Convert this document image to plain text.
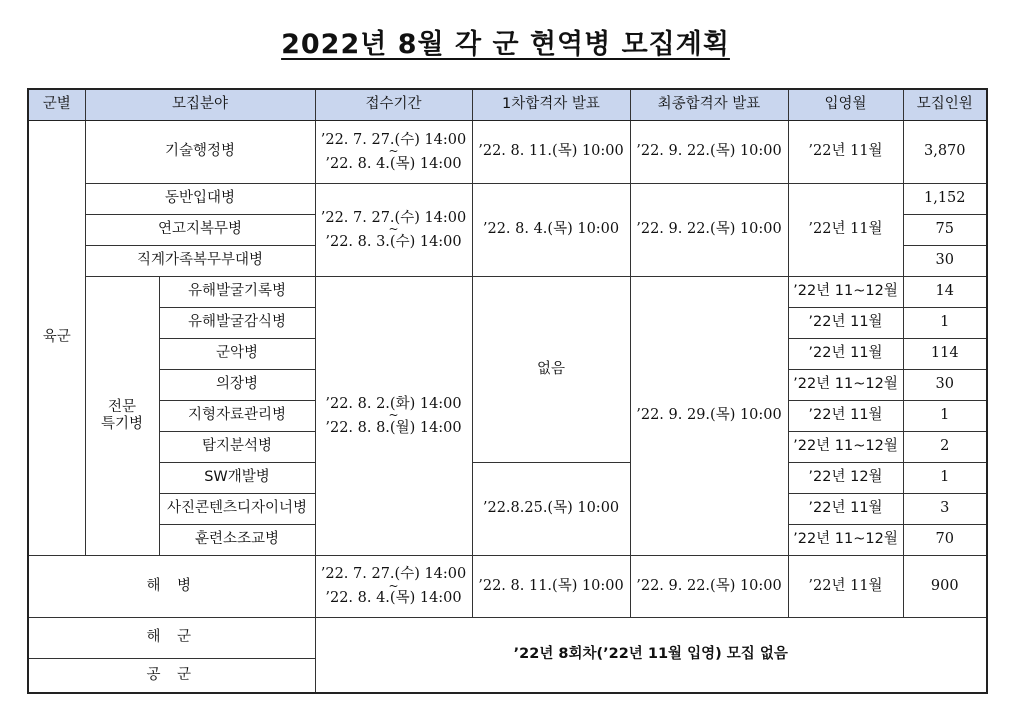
2022년 8월 각 군 현역병 모집계획
군별	모집분야		접수기간	1차합격자 발표	최종합격자 발표	입영월	모집인원
육군	기술행정병		’22. 7. 27.(수) 14:00
~
’22. 8. 4.(목) 14:00	’22. 8. 11.(목) 10:00	’22. 9. 22.(목) 10:00	’22년 11월	3,870
	동반입대병		’22. 7. 27.(수) 14:00
~
’22. 8. 3.(수) 14:00	’22. 8. 4.(목) 10:00	’22. 9. 22.(목) 10:00	’22년 11월	1,152
	연고지복무병						75
	직계가족복무부대병						30
	전문
특기병	유해발굴기록병	’22. 8. 2.(화) 14:00
~
’22. 8. 8.(월) 14:00	없음	’22. 9. 29.(목) 10:00	’22년 11~12월	14
		유해발굴감식병				’22년 11월	1
		군악병				’22년 11월	114
		의장병				’22년 11~12월	30
		지형자료관리병				’22년 11월	1
		탐지분석병				’22년 11~12월	2
		SW개발병		’22.8.25.(목) 10:00		’22년 12월	1
		사진콘텐츠디자이너병				’22년 11월	3
		훈련소조교병				’22년 11~12월	70
해 병			’22. 7. 27.(수) 14:00
~
’22. 8. 4.(목) 14:00	’22. 8. 11.(목) 10:00	’22. 9. 22.(목) 10:00	’22년 11월	900
해 군			’22년 8회차(’22년 11월 입영) 모집 없음				
공 군							
